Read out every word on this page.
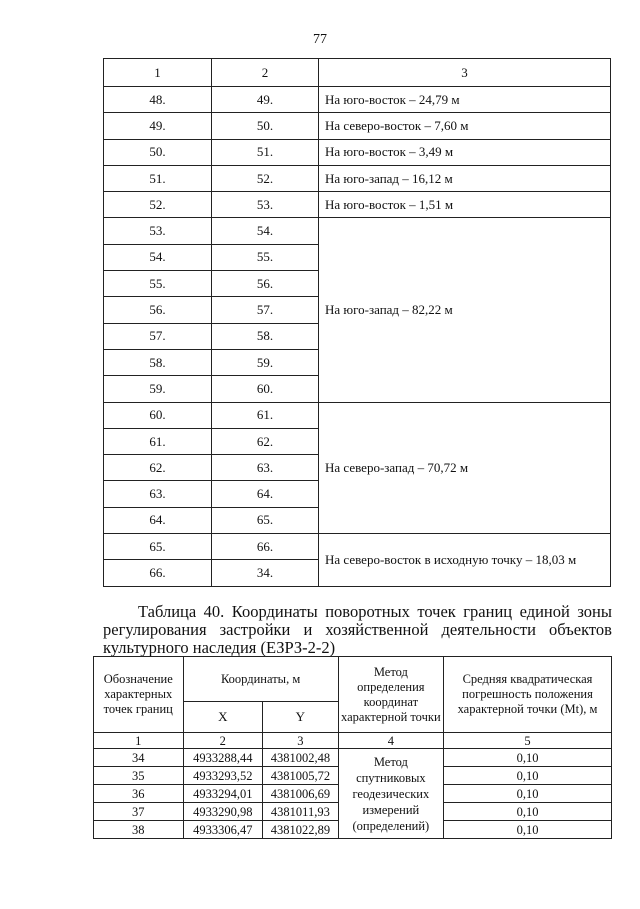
77
1	2	3
48.	49.	На юго-восток – 24,79 м
49.	50.	На северо-восток – 7,60 м
50.	51.	На юго-восток – 3,49 м
51.	52.	На юго-запад – 16,12 м
52.	53.	На юго-восток – 1,51 м
53.	54.	На юго-запад – 82,22 м
54.	55.	
55.	56.	
56.	57.	
57.	58.	
58.	59.	
59.	60.	
60.	61.	На северо-запад – 70,72 м
61.	62.	
62.	63.	
63.	64.	
64.	65.	
65.	66.	На северо-восток в исходную точку – 18,03 м
66.	34.	
Таблица 40. Координаты поворотных точек границ единой зоны
регулирования застройки и хозяйственной деятельности объектов
культурного наследия (ЕЗРЗ-2-2)
Обозначение характерных точек границ	Координаты, м		Метод определения координат характерной точки	Средняя квадратическая погрешность положения характерной точки (Mt), м
	X	Y		
1	2	3	4	5
34	4933288,44	4381002,48	Метод спутниковых геодезических измерений (определений)	0,10
35	4933293,52	4381005,72		0,10
36	4933294,01	4381006,69		0,10
37	4933290,98	4381011,93		0,10
38	4933306,47	4381022,89		0,10
